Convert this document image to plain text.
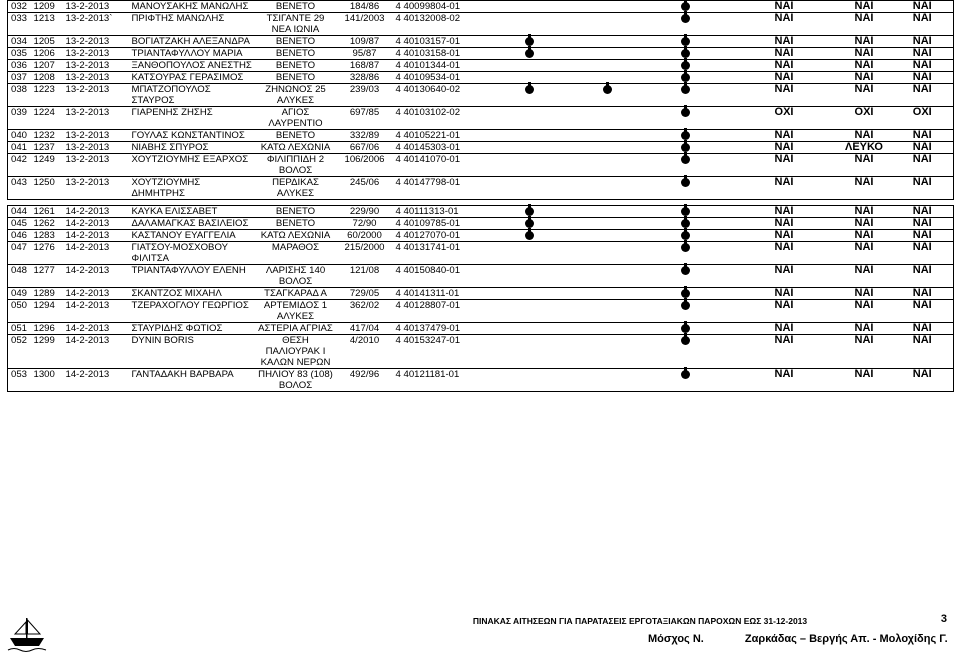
032	1209	13-2-2013	ΜΑΝΟΥΣΑΚΗΣ ΜΑΝΩΛΗΣ	ΒΕΝΕΤΟ	184/86	4 40099804-01				ΝΑΙ	ΝΑΙ	ΝΑΙ
033	1213	13-2-2013`	ΠΡΙΦΤΗΣ ΜΑΝΩΛΗΣ	ΤΣΙΓΑΝΤΕ 29 ΝΕΑ ΙΩΝΙΑ	141/2003	4 40132008-02				ΝΑΙ	ΝΑΙ	ΝΑΙ
034	1205	13-2-2013	ΒΟΓΙΑΤΖΑΚΗ ΑΛΕΞΑΝΔΡΑ	ΒΕΝΕΤΟ	109/87	4 40103157-01				ΝΑΙ	ΝΑΙ	ΝΑΙ
035	1206	13-2-2013	ΤΡΙΑΝΤΑΦΥΛΛΟΥ ΜΑΡΙΑ	ΒΕΝΕΤΟ	95/87	4 40103158-01				ΝΑΙ	ΝΑΙ	ΝΑΙ
036	1207	13-2-2013	ΞΑΝΘΟΠΟΥΛΟΣ ΑΝΕΣΤΗΣ	ΒΕΝΕΤΟ	168/87	4 40101344-01				ΝΑΙ	ΝΑΙ	ΝΑΙ
037	1208	13-2-2013	ΚΑΤΣΟΥΡΑΣ ΓΕΡΑΣΙΜΟΣ	ΒΕΝΕΤΟ	328/86	4 40109534-01				ΝΑΙ	ΝΑΙ	ΝΑΙ
038	1223	13-2-2013	ΜΠΑΤΖΟΠΟΥΛΟΣ ΣΤΑΥΡΟΣ	ΖΗΝΩΝΟΣ 25 ΑΛΥΚΕΣ	239/03	4 40130640-02				ΝΑΙ	ΝΑΙ	ΝΑΙ
039	1224	13-2-2013	ΓΙΑΡΕΝΗΣ ΖΗΣΗΣ	ΑΓΙΟΣ ΛΑΥΡΕΝΤΙΟ	697/85	4 40103102-02				ΟΧΙ	ΟΧΙ	ΟΧΙ
040	1232	13-2-2013	ΓΟΥΛΑΣ ΚΩΝΣΤΑΝΤΙΝΟΣ	ΒΕΝΕΤΟ	332/89	4 40105221-01				ΝΑΙ	ΝΑΙ	ΝΑΙ
041	1237	13-2-2013	ΝΙΑΒΗΣ ΣΠΥΡΟΣ	ΚΑΤΩ ΛΕΧΩΝΙΑ	667/06	4 40145303-01				ΝΑΙ	ΛΕΥΚΟ	ΝΑΙ
042	1249	13-2-2013	ΧΟΥΤΖΙΟΥΜΗΣ ΕΞΑΡΧΟΣ	ΦΙΛΙΠΠΙΔΗ 2 ΒΟΛΟΣ	106/2006	4 40141070-01				ΝΑΙ	ΝΑΙ	ΝΑΙ
043	1250	13-2-2013	ΧΟΥΤΖΙΟΥΜΗΣ ΔΗΜΗΤΡΗΣ	ΠΕΡΔΙΚΑΣ ΑΛΥΚΕΣ	245/06	4 40147798-01				ΝΑΙ	ΝΑΙ	ΝΑΙ

044	1261	14-2-2013	ΚΑΥΚΑ ΕΛΙΣΣΑΒΕΤ	ΒΕΝΕΤΟ	229/90	4 40111313-01				ΝΑΙ	ΝΑΙ	ΝΑΙ
045	1262	14-2-2013	ΔΑΛΑΜΑΓΚΑΣ ΒΑΣΙΛΕΙΟΣ	ΒΕΝΕΤΟ	72/90	4 40109785-01				ΝΑΙ	ΝΑΙ	ΝΑΙ
046	1283	14-2-2013	ΚΑΣΤΑΝΟΥ ΕΥΑΓΓΕΛΙΑ	ΚΑΤΩ ΛΕΧΩΝΙΑ	60/2000	4 40127070-01				ΝΑΙ	ΝΑΙ	ΝΑΙ
047	1276	14-2-2013	ΓΙΑΤΣΟΥ-ΜΟΣΧΟΒΟΥ ΦΙΛΙΤΣΑ	ΜΑΡΑΘΟΣ	215/2000	4 40131741-01				ΝΑΙ	ΝΑΙ	ΝΑΙ
048	1277	14-2-2013	ΤΡΙΑΝΤΑΦΥΛΛΟΥ ΕΛΕΝΗ	ΛΑΡΙΣΗΣ 140 ΒΟΛΟΣ	121/08	4 40150840-01				ΝΑΙ	ΝΑΙ	ΝΑΙ
049	1289	14-2-2013	ΣΚΑΝΤΖΟΣ ΜΙΧΑΗΛ	ΤΣΑΓΚΑΡΑΔ Α	729/05	4 40141311-01				ΝΑΙ	ΝΑΙ	ΝΑΙ
050	1294	14-2-2013	ΤΖΕΡΑΧΟΓΛΟΥ ΓΕΩΡΓΙΟΣ	ΑΡΤΕΜΙΔΟΣ 1 ΑΛΥΚΕΣ	362/02	4 40128807-01				ΝΑΙ	ΝΑΙ	ΝΑΙ
051	1296	14-2-2013	ΣΤΑΥΡΙΔΗΣ ΦΩΤΙΟΣ	ΑΣΤΕΡΙΑ ΑΓΡΙΑΣ	417/04	4 40137479-01				ΝΑΙ	ΝΑΙ	ΝΑΙ
052	1299	14-2-2013	DYNIN BORIS	ΘΕΣΗ ΠΑΛΙΟΥΡΑΚ Ι ΚΑΛΩΝ ΝΕΡΩΝ	4/2010	4 40153247-01				ΝΑΙ	ΝΑΙ	ΝΑΙ
053	1300	14-2-2013	ΓΑΝΤΑΔΑΚΗ ΒΑΡΒΑΡΑ	ΠΗΛΙΟΥ 83 (108) ΒΟΛΟΣ	492/96	4 40121181-01				ΝΑΙ	ΝΑΙ	ΝΑΙ
ΠΙΝΑΚΑΣ ΑΙΤΗΣΕΩΝ ΓΙΑ ΠΑΡΑΤΑΣΕΙΣ ΕΡΓΟΤΑΞΙΑΚΩΝ ΠΑΡΟΧΩΝ ΕΩΣ 31-12-2013	3
Μόσχος Ν.	Ζαρκάδας – Βεργής Απ. - Μολοχίδης Γ.
